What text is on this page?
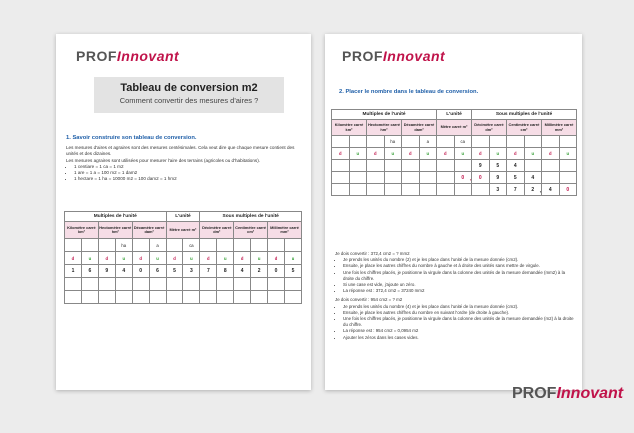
PROFInnovant
Tableau de conversion m2
Comment convertir des mesures d'aires ?
1. Savoir construire son tableau de conversion.
Les mesures d'aires et agraires sont des mesures centésimales. Cela veut dire que chaque mesure contient des unités et des dizaines.
Les mesures agraires sont utilisées pour mesurer l'aire des terrains (agricoles ou d'habitations).
• 1 centiare = 1 ca = 1 m2
• 1 are = 1 a = 100 m2 = 1 dam2
• 1 hectare = 1 ha = 10000 m2 = 100 dam2 = 1 hm2
Multiples de l'unité						L'unité		Sous multiples de l'unité					
Kilomètre carré km²		Hectomètre carré hm²		Décamètre carré dam²		Mètre carré m²		Décimètre carré dm²		Centimètre carré cm²		Millimètre carré mm²	
			ha		a		ca						
d	u	d	u	d	u	d	u	d	u	d	u	d	u
1	6	9	4	0	6	5	3	7	8	4	2	0	5

PROFInnovant
2. Placer le nombre dans le tableau de conversion.
Multiples de l'unité						L'unité		Sous multiples de l'unité					
Kilomètre carré km²		Hectomètre carré hm²		Décamètre carré dam²		Mètre carré m²		Décimètre carré dm²		Centimètre carré cm²		Millimètre carré mm²	
			ha		a		ca						
d	u	d	u	d	u	d	u	d	u	d	u	d	u
								9	5	4			
							0 ,	0	9	5	4		
									3	7	2 ,	4	0

Je dois convertir : 372,4 cm2 = ? mm2

• Je prends les unités du nombre (2) et je les place dans l'unité de la mesure donnée (cm2).
• Ensuite, je place les autres chiffres du nombre à gauche et à droite des unités sans mettre de virgule.
• Une fois les chiffres placés, je positionne la virgule dans la colonne des unités de la mesure demandée (mm2) à la droite du chiffre.
• Si une case est vide, j'ajoute un zéro.
• La réponse est : 372,4 cm2 = 37240 mm2

Je dois convertir : 954 cm2 = ? m2

• Je prends les unités du nombre (4) et je les place dans l'unité de la mesure donnée (cm2).
• Ensuite, je place les autres chiffres du nombre en suivant l'ordre (de droite à gauche).
• Une fois les chiffres placés, je positionne la virgule dans la colonne des unités de la mesure demandée (m2) à la droite du chiffre.
• La réponse est : 954 cm2 = 0,0954 m2
• Ajouter les zéros dans les cases vides.
PROFInnovant
